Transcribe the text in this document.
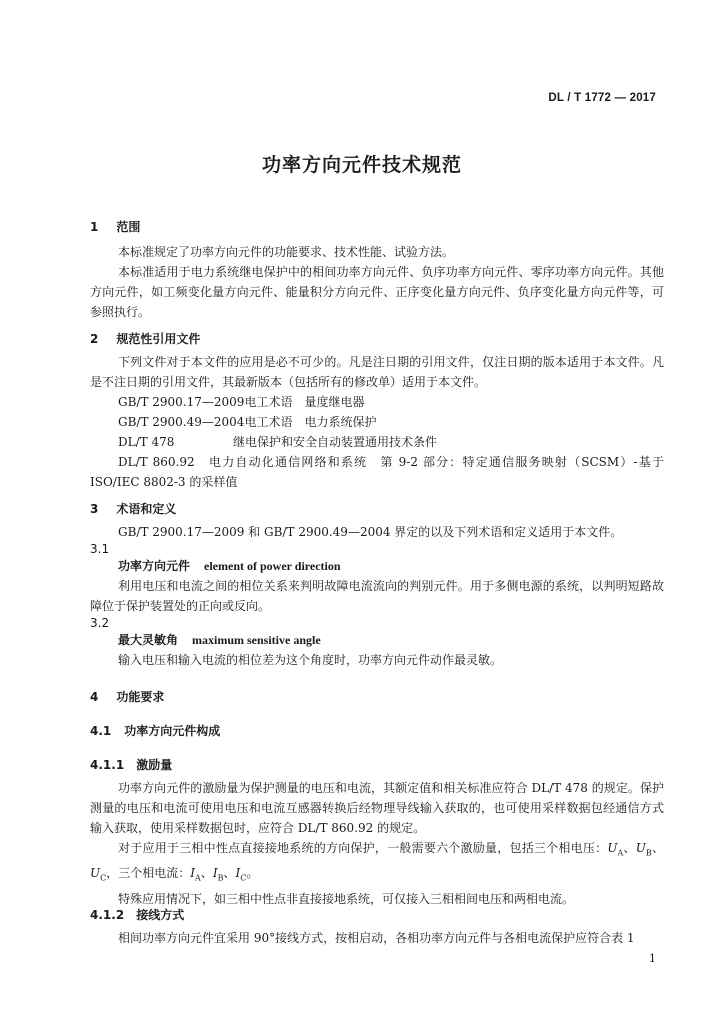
DL / T 1772 — 2017
功率方向元件技术规范
1 范围

本标准规定了功率方向元件的功能要求、技术性能、试验方法。

本标准适用于电力系统继电保护中的相间功率方向元件、负序功率方向元件、零序功率方向元件。其他方向元件，如工频变化量方向元件、能量积分方向元件、正序变化量方向元件、负序变化量方向元件等，可参照执行。

2 规范性引用文件

下列文件对于本文件的应用是必不可少的。凡是注日期的引用文件，仅注日期的版本适用于本文件。凡是不注日期的引用文件，其最新版本（包括所有的修改单）适用于本文件。

GB/T 2900.17—2009电工术语　量度继电器

GB/T 2900.49—2004电工术语　电力系统保护

DL/T 478	继电保护和安全自动装置通用技术条件

DL/T 860.92　电力自动化通信网络和系统　第 9-2 部分：特定通信服务映射（SCSM）-基于 ISO/IEC 8802-3 的采样值

3 术语和定义

GB/T 2900.17—2009 和 GB/T 2900.49—2004 界定的以及下列术语和定义适用于本文件。

3.1
功率方向元件 element of power direction

利用电压和电流之间的相位关系来判明故障电流流向的判别元件。用于多侧电源的系统，以判明短路故障位于保护装置处的正向或反向。

3.2
最大灵敏角 maximum sensitive angle

输入电压和输入电流的相位差为这个角度时，功率方向元件动作最灵敏。

4 功能要求
4.1 功率方向元件构成
4.1.1 激励量

功率方向元件的激励量为保护测量的电压和电流，其额定值和相关标准应符合 DL/T 478 的规定。保护测量的电压和电流可使用电压和电流互感器转换后经物理导线输入获取的，也可使用采样数据包经通信方式输入获取，使用采样数据包时，应符合 DL/T 860.92 的规定。

对于应用于三相中性点直接接地系统的方向保护，一般需要六个激励量，包括三个相电压：$U_A$、$U_B$、$U_C$，三个相电流：$I_A$、$I_B$、$I_C$。

特殊应用情况下，如三相中性点非直接接地系统，可仅接入三相相间电压和两相电流。

4.1.2 接线方式

相间功率方向元件宜采用 90°接线方式，按相启动，各相功率方向元件与各相电流保护应符合表 1

1
